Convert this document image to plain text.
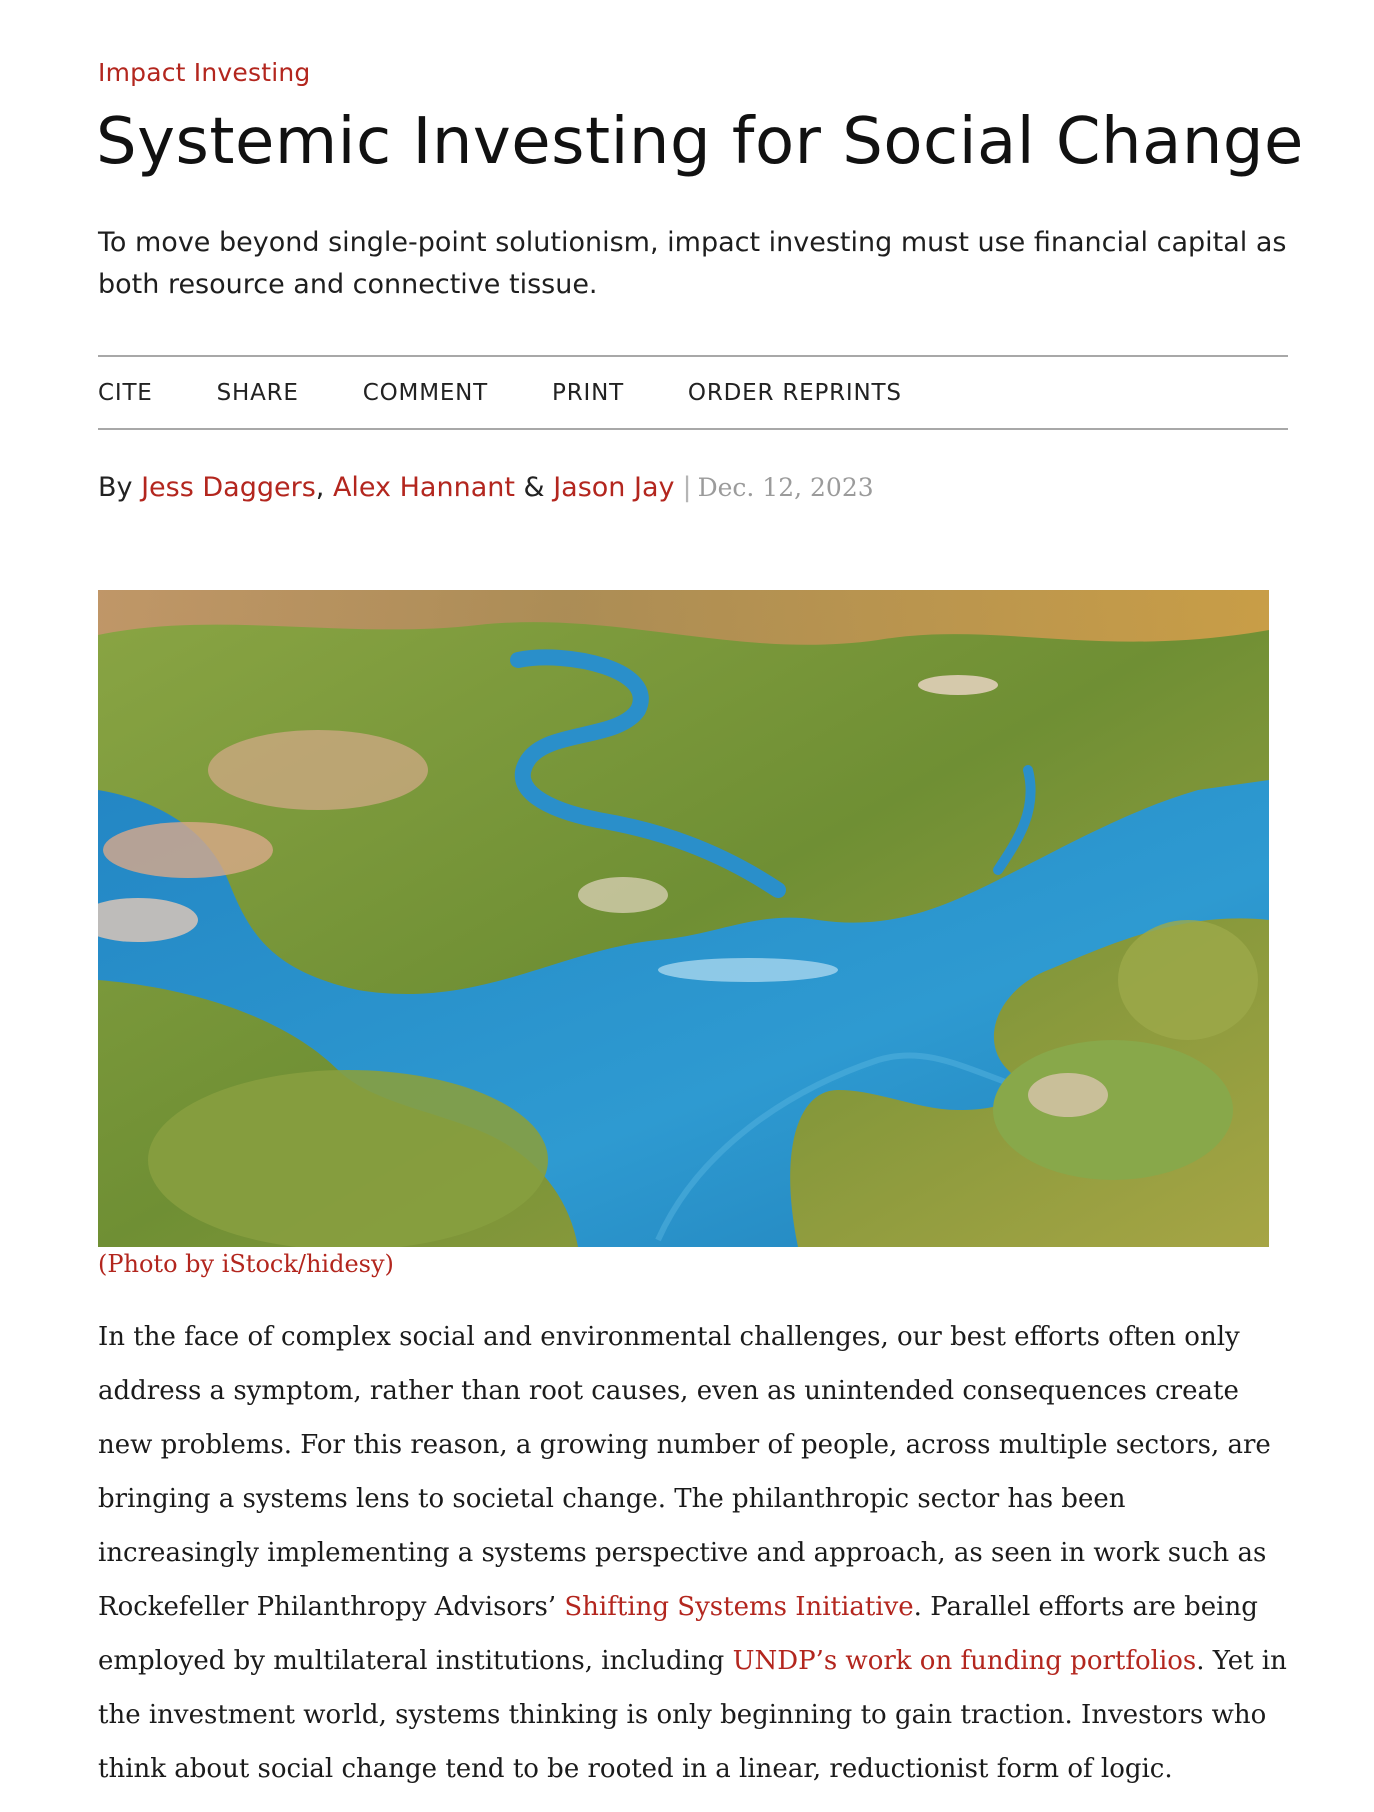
Impact Investing
Systemic Investing for Social Change

To move beyond single-point solutionism, impact investing must use financial capital as both resource and connective tissue.

CITE	SHARE	COMMENT	PRINT	ORDER REPRINTS
By Jess Daggers, Alex Hannant & Jason Jay | Dec. 12, 2023
(Photo by iStock/hidesy)

In the face of complex social and environmental challenges, our best efforts often only address a symptom, rather than root causes, even as unintended consequences create new problems. For this reason, a growing number of people, across multiple sectors, are bringing a systems lens to societal change. The philanthropic sector has been increasingly implementing a systems perspective and approach, as seen in work such as Rockefeller Philanthropy Advisors’ Shifting Systems Initiative. Parallel efforts are being employed by multilateral institutions, including UNDP’s work on funding portfolios. Yet in the investment world, systems thinking is only beginning to gain traction. Investors who think about social change tend to be rooted in a linear, reductionist form of logic.
